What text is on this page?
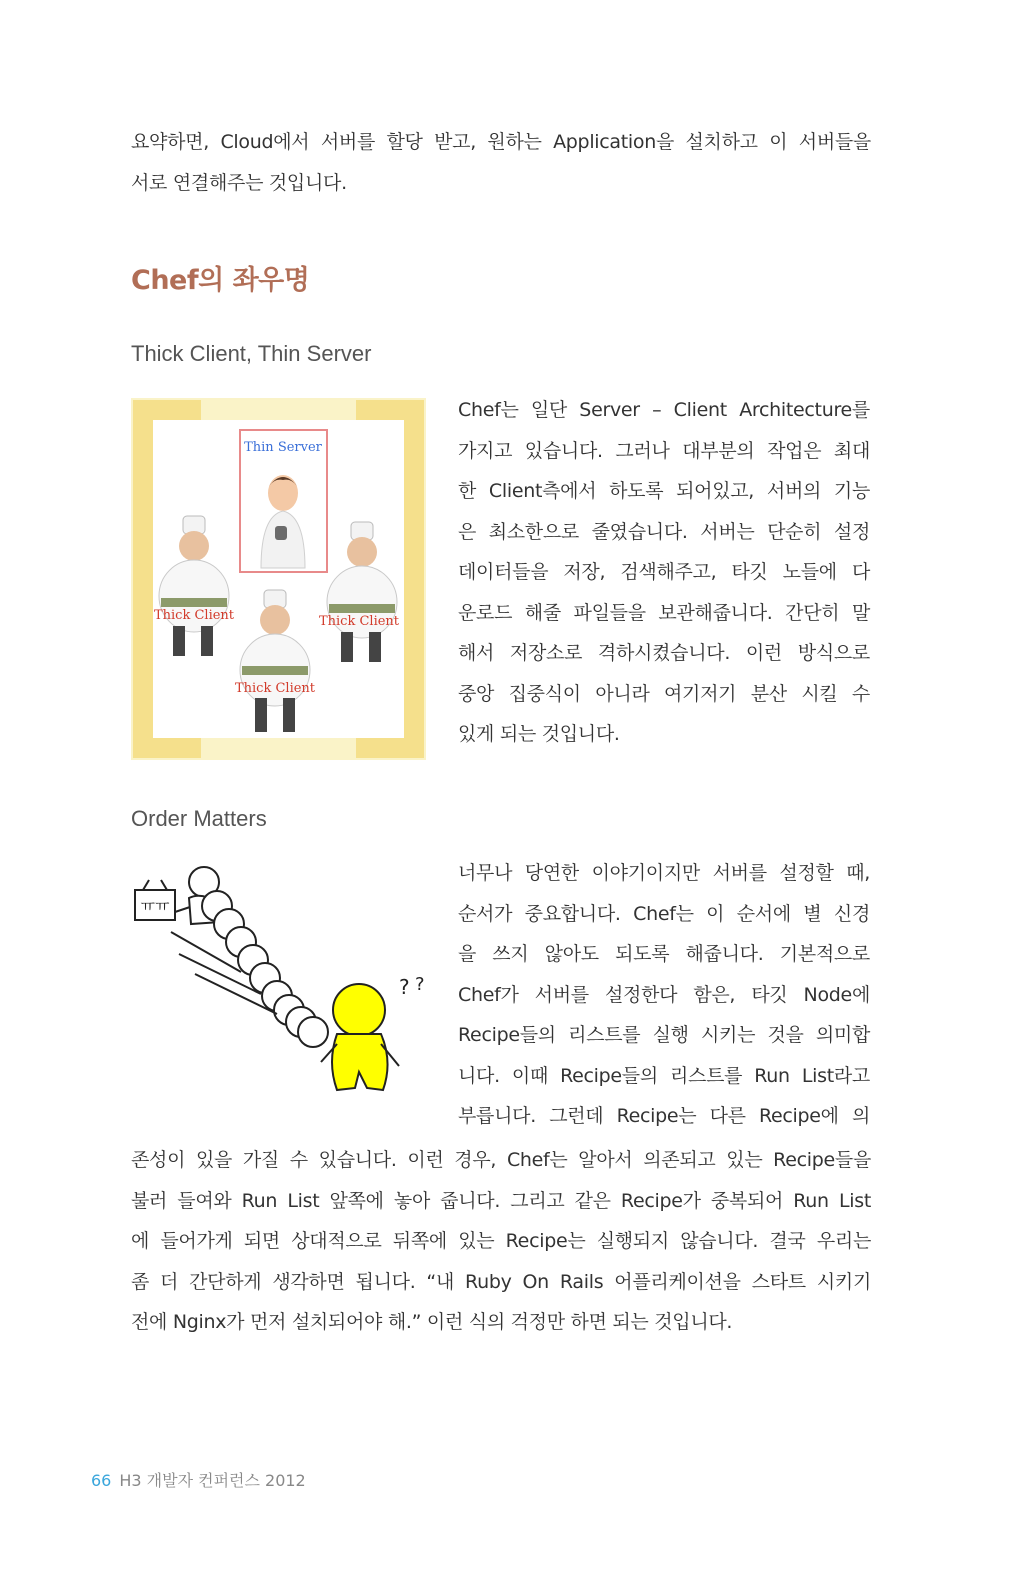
요약하면, Cloud에서 서버를 할당 받고, 원하는 Application을 설치하고 이 서버들을
서로 연결해주는 것입니다.
Chef의 좌우명
Thick Client, Thin Server
Thin Server
Thick Client	Thick Client
Thick Client
Chef는 일단 Server – Client Architecture를
가지고 있습니다. 그러나 대부분의 작업은 최대
한 Client측에서 하도록 되어있고, 서버의 기능
은 최소한으로 줄였습니다. 서버는 단순히 설정
데이터들을 저장, 검색해주고, 타깃 노들에 다
운로드 해줄 파일들을 보관해줍니다. 간단히 말
해서 저장소로 격하시켰습니다. 이런 방식으로
중앙 집중식이 아니라 여기저기 분산 시킬 수
있게 되는 것입니다.
Order Matters
ㅠㅠ
? ?
너무나 당연한 이야기이지만 서버를 설정할 때,
순서가 중요합니다. Chef는 이 순서에 별 신경
을 쓰지 않아도 되도록 해줍니다. 기본적으로
Chef가 서버를 설정한다 함은, 타깃 Node에
Recipe들의 리스트를 실행 시키는 것을 의미합
니다. 이때 Recipe들의 리스트를 Run List라고
부릅니다. 그런데 Recipe는 다른 Recipe에 의
존성이 있을 가질 수 있습니다. 이런 경우, Chef는 알아서 의존되고 있는 Recipe들을
불러 들여와 Run List 앞쪽에 놓아 줍니다. 그리고 같은 Recipe가 중복되어 Run List
에 들어가게 되면 상대적으로 뒤쪽에 있는 Recipe는 실행되지 않습니다. 결국 우리는
좀 더 간단하게 생각하면 됩니다. “내 Ruby On Rails 어플리케이션을 스타트 시키기
전에 Nginx가 먼저 설치되어야 해.” 이런 식의 걱정만 하면 되는 것입니다.
66 H3 개발자 컨퍼런스 2012
